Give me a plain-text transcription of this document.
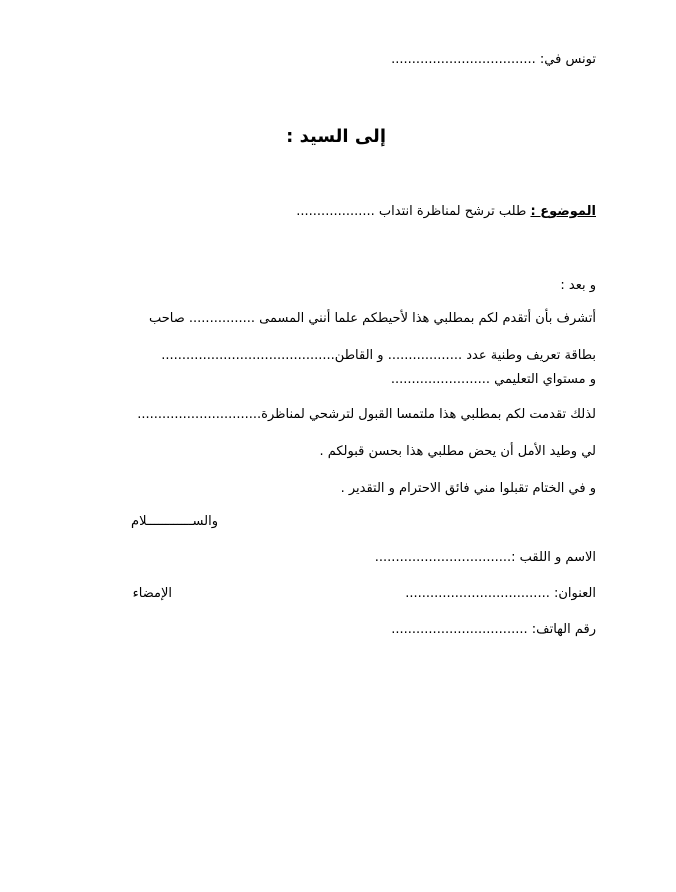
تونس في: ...................................
إلى السيد :
الموضوع : طلب ترشح لمناظرة انتداب ...................
و بعد :
أتشرف بأن أتقدم لكم بمطلبي هذا لأحيطكم علما أنني المسمى ................ صاحب
بطاقة تعريف وطنية عدد .................. و القاطن..........................................
و مستواي التعليمي ........................
لذلك تقدمت لكم بمطلبي هذا ملتمسا القبول لترشحي لمناظرة..............................
لي وطيد الأمل أن يحض مطلبي هذا بحسن قبولكم .
و في الختام تقبلوا مني فائق الاحترام و التقدير .
والســــــــــــلام
الاسم و اللقب :.................................
العنوان: ...................................
الإمضاء
رقم الهاتف: .................................
